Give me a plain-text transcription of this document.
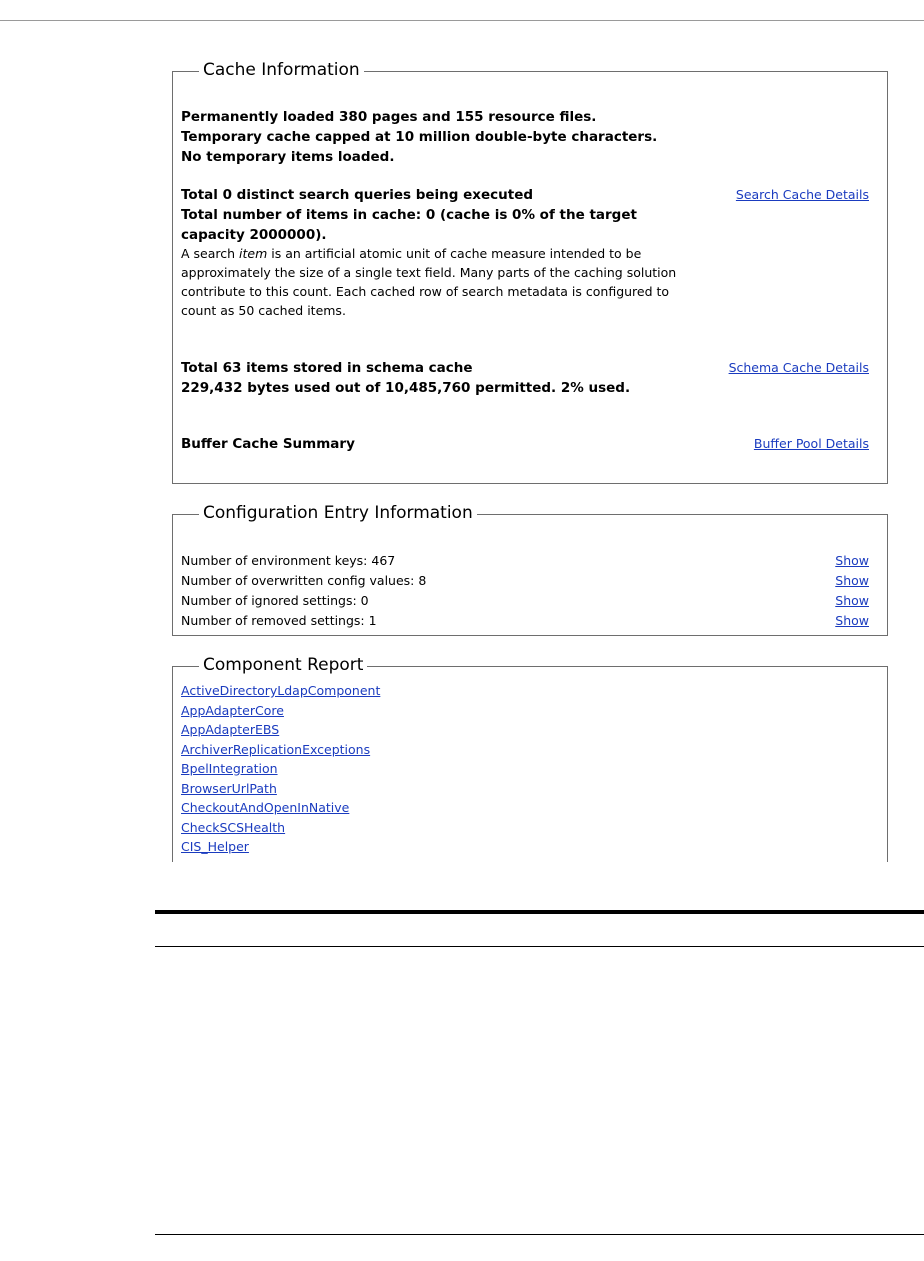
Cache Information
Permanently loaded 380 pages and 155 resource files.
Temporary cache capped at 10 million double-byte characters.
No temporary items loaded.
Total 0 distinct search queries being executed
Total number of items in cache: 0 (cache is 0% of the target capacity 2000000).
A search item is an artificial atomic unit of cache measure intended to be approximately the size of a single text field. Many parts of the caching solution contribute to this count. Each cached row of search metadata is configured to count as 50 cached items.
Search Cache Details
Total 63 items stored in schema cache
229,432 bytes used out of 10,485,760 permitted. 2% used.
Schema Cache Details
Buffer Cache Summary	Buffer Pool Details
Configuration Entry Information
Number of environment keys: 467	Show
Number of overwritten config values: 8	Show
Number of ignored settings: 0	Show
Number of removed settings: 1	Show
Component Report
ActiveDirectoryLdapComponent
AppAdapterCore
AppAdapterEBS
ArchiverReplicationExceptions
BpelIntegration
BrowserUrlPath
CheckoutAndOpenInNative
CheckSCSHealth
CIS_Helper
